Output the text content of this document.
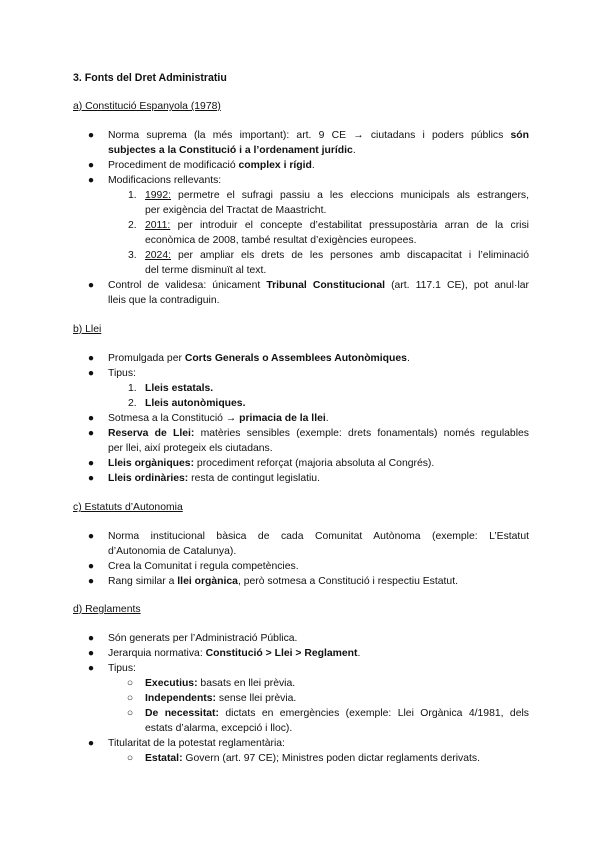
3. Fonts del Dret Administratiu
a) Constitució Espanyola (1978)
● Norma suprema (la més important): art. 9 CE → ciutadans i poders públics són
subjectes a la Constitució i a l’ordenament jurídic.
● Procediment de modificació complex i rígid.
● Modificacions rellevants:
1. 1992: permetre el sufragi passiu a les eleccions municipals als estrangers,
per exigència del Tractat de Maastricht.
2. 2011: per introduir el concepte d’estabilitat pressupostària arran de la crisi
econòmica de 2008, també resultat d’exigències europees.
3. 2024: per ampliar els drets de les persones amb discapacitat i l’eliminació
del terme disminuït al text.
● Control de validesa: únicament Tribunal Constitucional (art. 117.1 CE), pot anul·lar
lleis que la contradiguin.
b) Llei
● Promulgada per Corts Generals o Assemblees Autonòmiques.
● Tipus:
1. Lleis estatals.
2. Lleis autonòmiques.
● Sotmesa a la Constitució → primacia de la llei.
● Reserva de Llei: matèries sensibles (exemple: drets fonamentals) només regulables
per llei, així protegeix els ciutadans.
● Lleis orgàniques: procediment reforçat (majoria absoluta al Congrés).
● Lleis ordinàries: resta de contingut legislatiu.
c) Estatuts d’Autonomia
● Norma institucional bàsica de cada Comunitat Autònoma (exemple: L’Estatut
d’Autonomia de Catalunya).
● Crea la Comunitat i regula competències.
● Rang similar a llei orgànica, però sotmesa a Constitució i respectiu Estatut.
d) Reglaments
● Són generats per l’Administració Pública.
● Jerarquia normativa: Constitució > Llei > Reglament.
● Tipus:
○ Executius: basats en llei prèvia.
○ Independents: sense llei prèvia.
○ De necessitat: dictats en emergències (exemple: Llei Orgànica 4/1981, dels
estats d’alarma, excepció i lloc).
● Titularitat de la potestat reglamentària:
○ Estatal: Govern (art. 97 CE); Ministres poden dictar reglaments derivats.
